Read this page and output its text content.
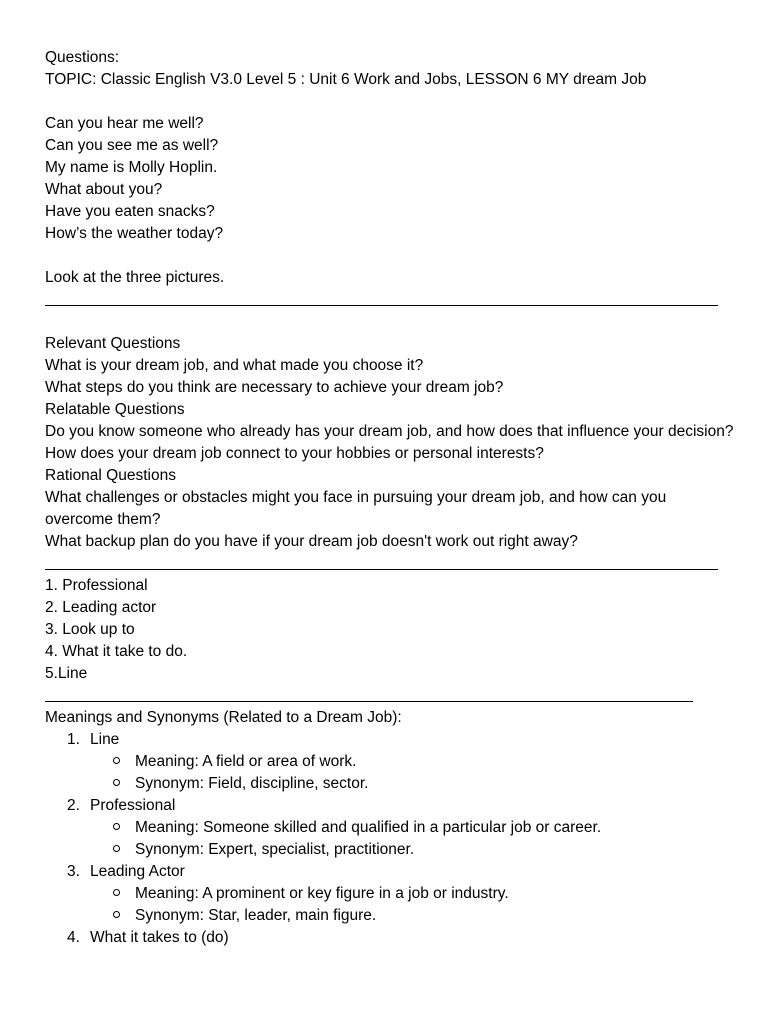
Questions:
TOPIC: Classic English V3.0 Level 5 : Unit 6 Work and Jobs, LESSON 6 MY dream Job
Can you hear me well?
Can you see me as well?
My name is Molly Hoplin.
What about you?
Have you eaten snacks?
How’s the weather today?
Look at the three pictures.
Relevant Questions
What is your dream job, and what made you choose it?
What steps do you think are necessary to achieve your dream job?
Relatable Questions
Do you know someone who already has your dream job, and how does that influence your decision?
How does your dream job connect to your hobbies or personal interests?
Rational Questions
What challenges or obstacles might you face in pursuing your dream job, and how can you overcome them?
What backup plan do you have if your dream job doesn't work out right away?
1. Professional
2. Leading actor
3. Look up to
4. What it take to do.
5.Line
Meanings and Synonyms (Related to a Dream Job):
1. Line
Meaning: A field or area of work.
Synonym: Field, discipline, sector.
2. Professional
Meaning: Someone skilled and qualified in a particular job or career.
Synonym: Expert, specialist, practitioner.
3. Leading Actor
Meaning: A prominent or key figure in a job or industry.
Synonym: Star, leader, main figure.
4. What it takes to (do)
